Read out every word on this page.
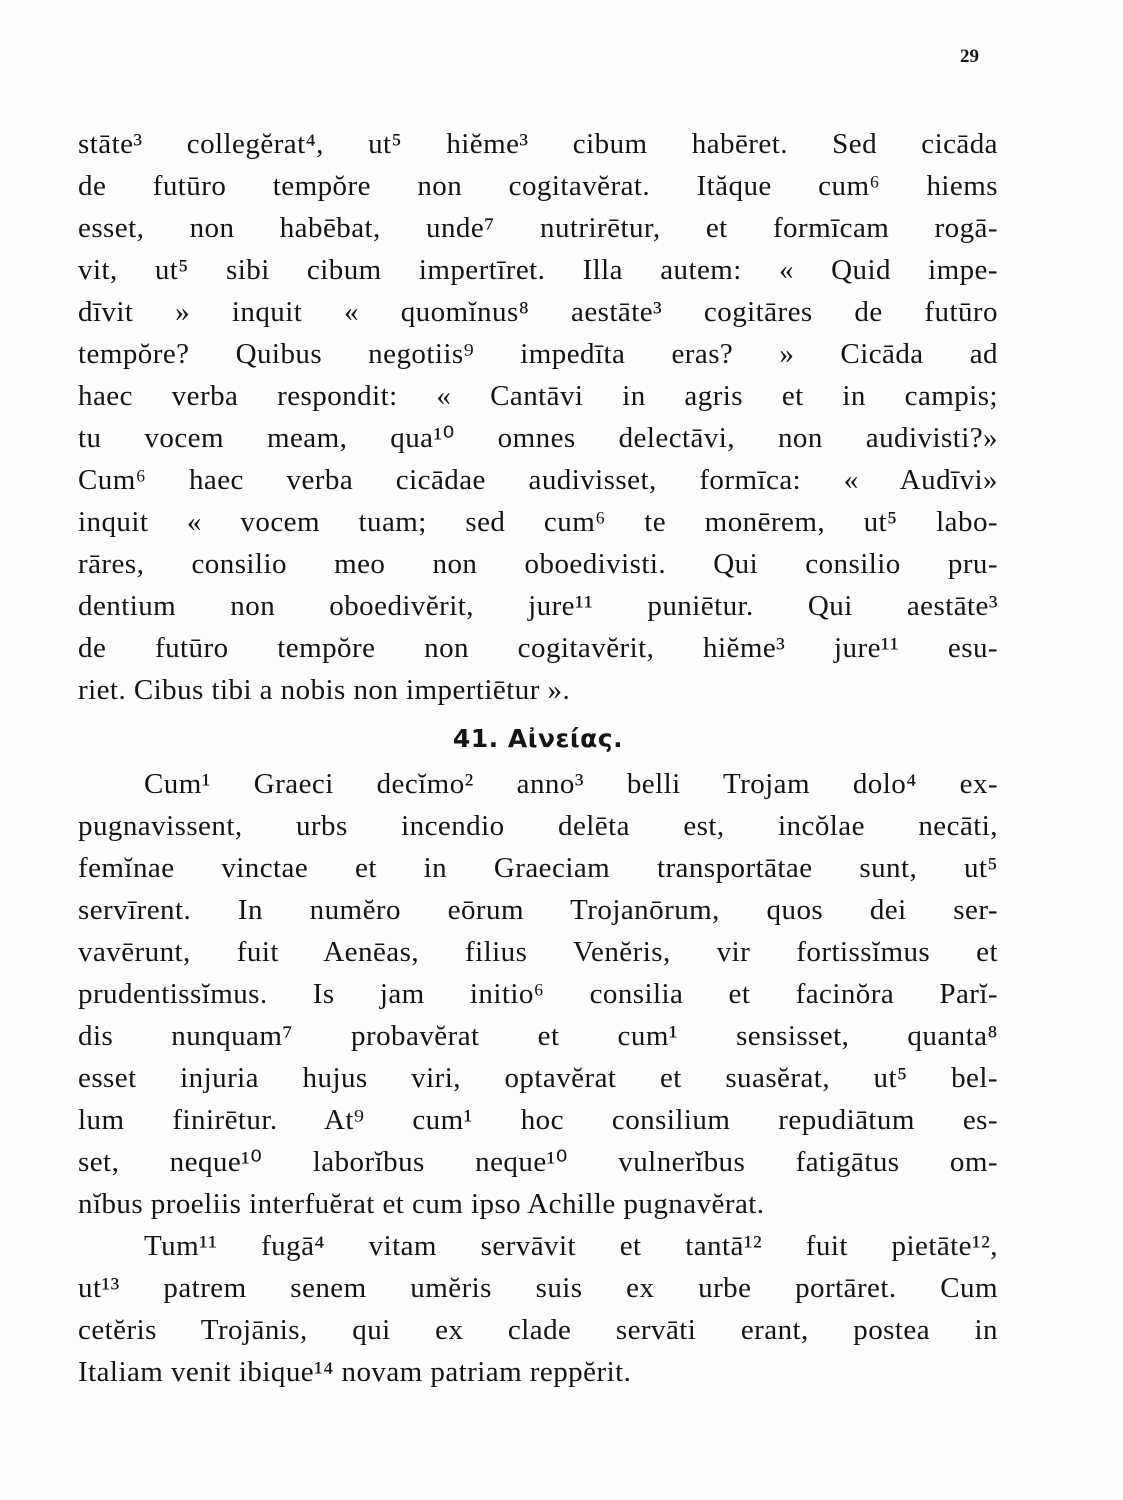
29
stāte³ collegĕrat⁴, ut⁵ hiĕme³ cibum habēret. Sed cicāda
de futūro tempŏre non cogitavĕrat. Ităque cum⁶ hiems
esset, non habēbat, unde⁷ nutrirētur, et formīcam rogā-
vit, ut⁵ sibi cibum impertīret. Illa autem: « Quid impe-
dīvit » inquit « quomĭnus⁸ aestāte³ cogitāres de futūro
tempŏre? Quibus negotiis⁹ impedīta eras? » Cicāda ad
haec verba respondit: « Cantāvi in agris et in campis;
tu vocem meam, qua¹⁰ omnes delectāvi, non audivisti?»
Cum⁶ haec verba cicādae audivisset, formīca: « Audīvi»
inquit « vocem tuam; sed cum⁶ te monērem, ut⁵ labo-
rāres, consilio meo non oboedivisti. Qui consilio pru-
dentium non oboedivĕrit, jure¹¹ puniētur. Qui aestāte³
de futūro tempŏre non cogitavĕrit, hiĕme³ jure¹¹ esu-
riet. Cibus tibi a nobis non impertiētur ».
41. Αἰνείας.
Cum¹ Graeci decĭmo² anno³ belli Trojam dolo⁴ ex-
pugnavissent, urbs incendio delēta est, incŏlae necāti,
femĭnae vinctae et in Graeciam transportātae sunt, ut⁵
servīrent. In numĕro eōrum Trojanōrum, quos dei ser-
vavērunt, fuit Aenēas, filius Venĕris, vir fortissĭmus et
prudentissĭmus. Is jam initio⁶ consilia et facinŏra Parĭ-
dis nunquam⁷ probavĕrat et cum¹ sensisset, quanta⁸
esset injuria hujus viri, optavĕrat et suasĕrat, ut⁵ bel-
lum finirētur. At⁹ cum¹ hoc consilium repudiātum es-
set, neque¹⁰ laborĭbus neque¹⁰ vulnerĭbus fatigātus om-
nĭbus proeliis interfuĕrat et cum ipso Achille pugnavĕrat.
Tum¹¹ fugā⁴ vitam servāvit et tantā¹² fuit pietāte¹²,
ut¹³ patrem senem umĕris suis ex urbe portāret. Cum
cetĕris Trojānis, qui ex clade servāti erant, postea in
Italiam venit ibique¹⁴ novam patriam reppĕrit.
